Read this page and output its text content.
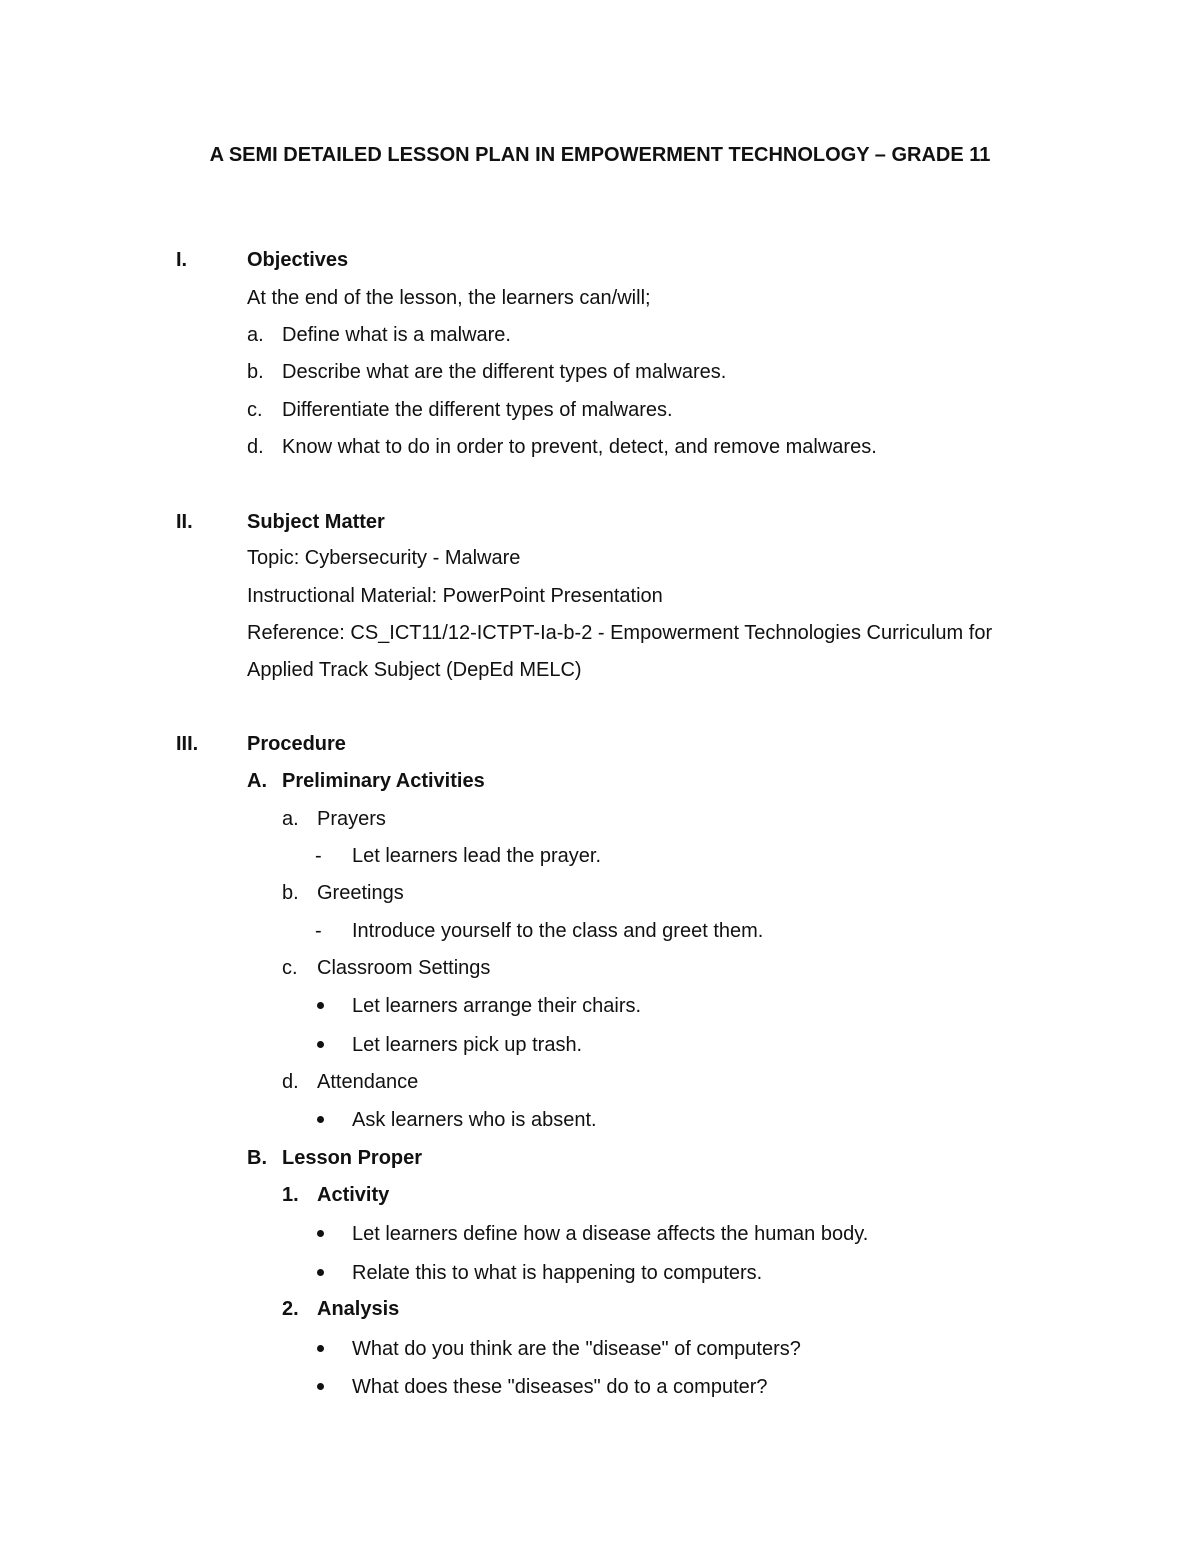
A SEMI DETAILED LESSON PLAN IN EMPOWERMENT TECHNOLOGY – GRADE 11
I.	Objectives
At the end of the lesson, the learners can/will;
a. Define what is a malware.
b. Describe what are the different types of malwares.
c. Differentiate the different types of malwares.
d. Know what to do in order to prevent, detect, and remove malwares.
II.	Subject Matter
Topic: Cybersecurity - Malware
Instructional Material: PowerPoint Presentation
Reference: CS_ICT11/12-ICTPT-Ia-b-2 - Empowerment Technologies Curriculum for
Applied Track Subject (DepEd MELC)
III. Procedure
A. Preliminary Activities
a. Prayers
- Let learners lead the prayer.
b. Greetings
- Introduce yourself to the class and greet them.
c. Classroom Settings
Let learners arrange their chairs.
Let learners pick up trash.
d. Attendance
Ask learners who is absent.
B. Lesson Proper
1. Activity
Let learners define how a disease affects the human body.
Relate this to what is happening to computers.
2. Analysis
What do you think are the "disease" of computers?
What does these "diseases" do to a computer?
